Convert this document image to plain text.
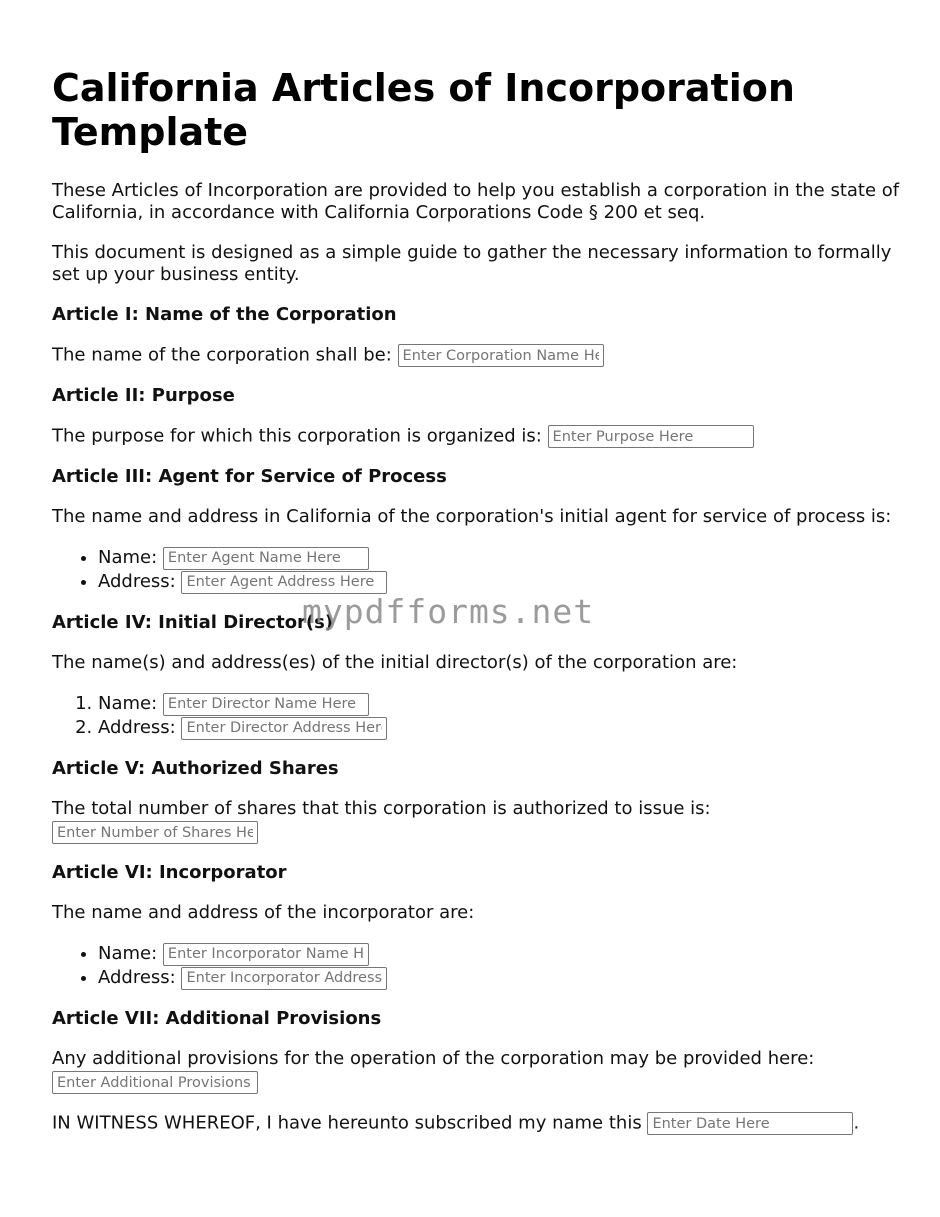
California Articles of Incorporation Template

These Articles of Incorporation are provided to help you establish a corporation in the state of California, in accordance with California Corporations Code § 200 et seq.

This document is designed as a simple guide to gather the necessary information to formally set up your business entity.

Article I: Name of the Corporation

The name of the corporation shall be: Enter Corporation Name Here

Article II: Purpose

The purpose for which this corporation is organized is: Enter Purpose Here

Article III: Agent for Service of Process

The name and address in California of the corporation's initial agent for service of process is:

• Name: Enter Agent Name Here
• Address: Enter Agent Address Here
Article IV: Initial Director(s)

The name(s) and address(es) of the initial director(s) of the corporation are:

1. Name: Enter Director Name Here
2. Address: Enter Director Address Here
Article V: Authorized Shares

The total number of shares that this corporation is authorized to issue is:
Enter Number of Shares Here

Article VI: Incorporator

The name and address of the incorporator are:

• Name: Enter Incorporator Name Here
• Address: Enter Incorporator Address Here
Article VII: Additional Provisions

Any additional provisions for the operation of the corporation may be provided here:
Enter Additional Provisions Here

IN WITNESS WHEREOF, I have hereunto subscribed my name this Enter Date Here	.

mypdfforms.net
